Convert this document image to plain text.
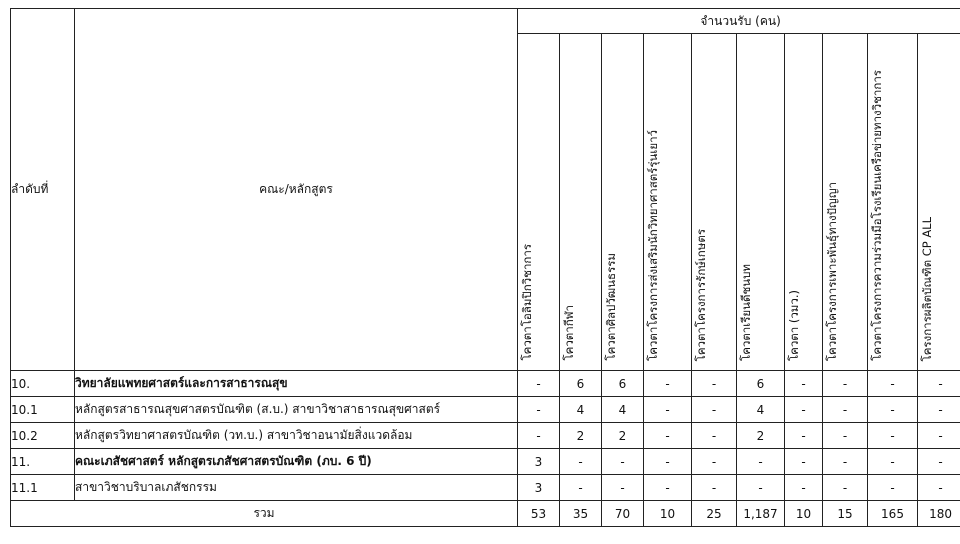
ลำดับที่	คณะ/หลักสูตร	จำนวนรับ (คน)									
		โควตาโอลิมปิกวิชาการ	โควตากีฬา	โควตาศิลปวัฒนธรรม	โควตาโครงการส่งเสริมนักวิทยาศาสตร์รุ่นเยาว์	โควตาโครงการรักษ์เกษตร	โควตาเรียนดีชนบท	โควตา (วมว.)	โควตาโครงการเพาะพันธุ์ทางปัญญา	โควตาโครงการความร่วมมือโรงเรียนเครือข่ายทางวิชาการ	โครงการผลิตบัณฑิต CP ALL
10.	วิทยาลัยแพทยศาสตร์และการสาธารณสุข	-	6	6	-	-	6	-	-	-	-
10.1	หลักสูตรสาธารณสุขศาสตรบัณฑิต (ส.บ.) สาขาวิชาสาธารณสุขศาสตร์	-	4	4	-	-	4	-	-	-	-
10.2	หลักสูตรวิทยาศาสตรบัณฑิต (วท.บ.) สาขาวิชาอนามัยสิ่งแวดล้อม	-	2	2	-	-	2	-	-	-	-
11.	คณะเภสัชศาสตร์ หลักสูตรเภสัชศาสตรบัณฑิต (ภบ. 6 ปี)	3	-	-	-	-	-	-	-	-	-
11.1	สาขาวิชาบริบาลเภสัชกรรม	3	-	-	-	-	-	-	-	-	-
รวม		53	35	70	10	25	1,187	10	15	165	180
